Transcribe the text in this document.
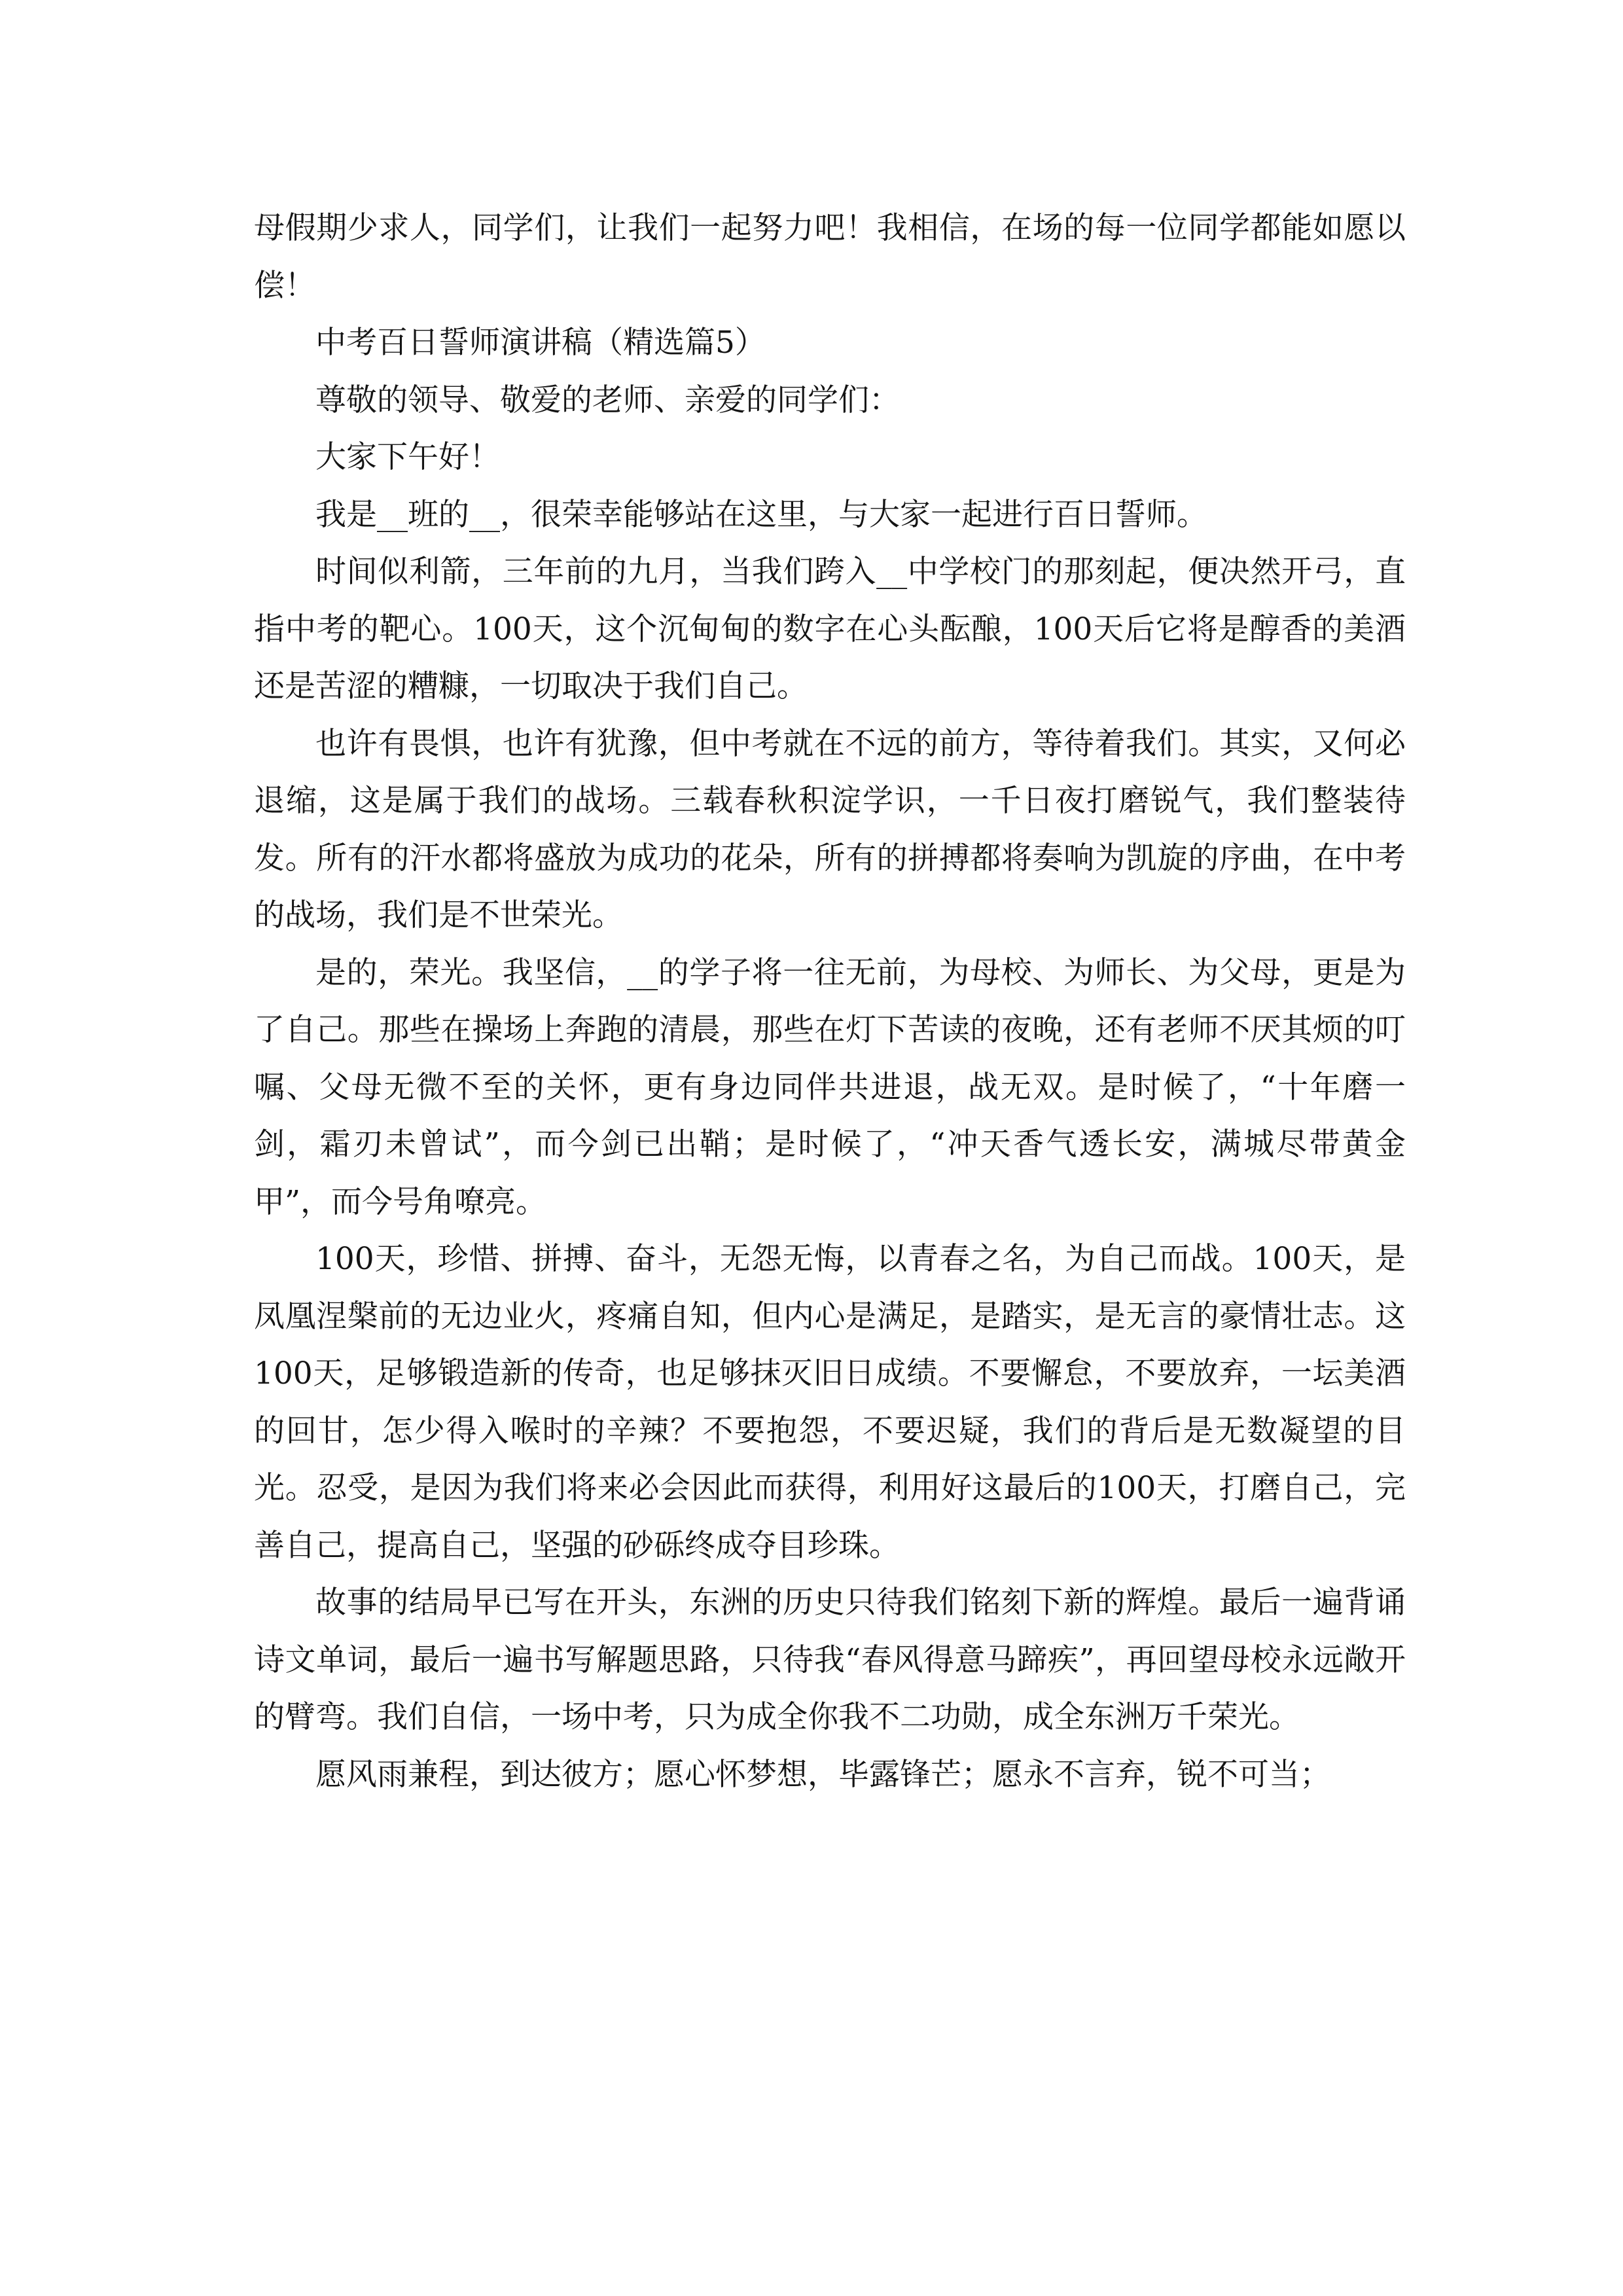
母假期少求人，同学们，让我们一起努力吧！我相信，在场的每一位同学都能如愿以偿！

中考百日誓师演讲稿（精选篇5）

尊敬的领导、敬爱的老师、亲爱的同学们：

大家下午好！

我是__班的__，很荣幸能够站在这里，与大家一起进行百日誓师。

时间似利箭，三年前的九月，当我们跨入__中学校门的那刻起，便决然开弓，直指中考的靶心。100天，这个沉甸甸的数字在心头酝酿，100天后它将是醇香的美酒还是苦涩的糟糠，一切取决于我们自己。

也许有畏惧，也许有犹豫，但中考就在不远的前方，等待着我们。其实，又何必退缩，这是属于我们的战场。三载春秋积淀学识，一千日夜打磨锐气，我们整装待发。所有的汗水都将盛放为成功的花朵，所有的拼搏都将奏响为凯旋的序曲，在中考的战场，我们是不世荣光。

是的，荣光。我坚信，__的学子将一往无前，为母校、为师长、为父母，更是为了自己。那些在操场上奔跑的清晨，那些在灯下苦读的夜晚，还有老师不厌其烦的叮嘱、父母无微不至的关怀，更有身边同伴共进退，战无双。是时候了，“十年磨一剑，霜刃未曾试”，而今剑已出鞘；是时候了，“冲天香气透长安，满城尽带黄金甲”，而今号角嘹亮。

100天，珍惜、拼搏、奋斗，无怨无悔，以青春之名，为自己而战。100天，是凤凰涅槃前的无边业火，疼痛自知，但内心是满足，是踏实，是无言的豪情壮志。这100天，足够锻造新的传奇，也足够抹灭旧日成绩。不要懈怠，不要放弃，一坛美酒的回甘，怎少得入喉时的辛辣？不要抱怨，不要迟疑，我们的背后是无数凝望的目光。忍受，是因为我们将来必会因此而获得，利用好这最后的100天，打磨自己，完善自己，提高自己，坚强的砂砾终成夺目珍珠。

故事的结局早已写在开头，东洲的历史只待我们铭刻下新的辉煌。最后一遍背诵诗文单词，最后一遍书写解题思路，只待我“春风得意马蹄疾”，再回望母校永远敞开的臂弯。我们自信，一场中考，只为成全你我不二功勋，成全东洲万千荣光。

愿风雨兼程，到达彼方；愿心怀梦想，毕露锋芒；愿永不言弃，锐不可当；
